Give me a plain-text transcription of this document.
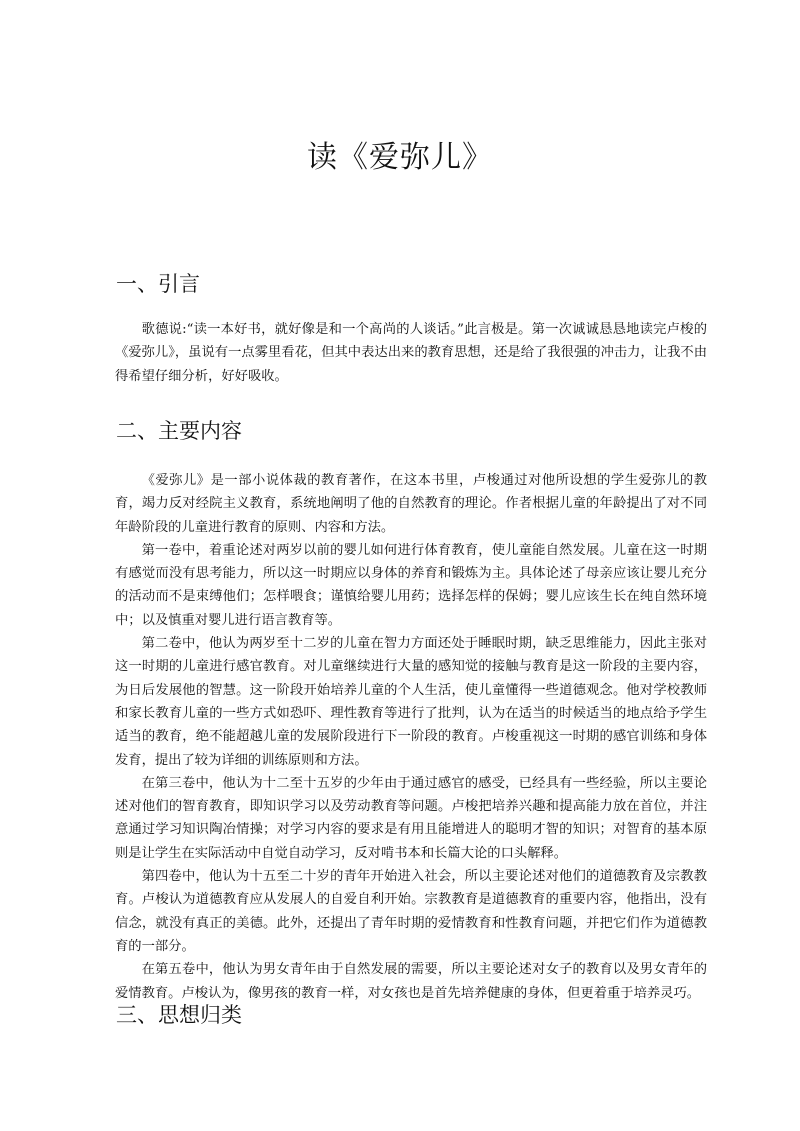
读《爱弥儿》
一、引言

歌德说:“读一本好书，就好像是和一个高尚的人谈话。”此言极是。第一次诚诚恳恳地读完卢梭的《爱弥儿》，虽说有一点雾里看花，但其中表达出来的教育思想，还是给了我很强的冲击力，让我不由得希望仔细分析，好好吸收。

二、主要内容

《爱弥儿》是一部小说体裁的教育著作，在这本书里，卢梭通过对他所设想的学生爱弥儿的教育，竭力反对经院主义教育，系统地阐明了他的自然教育的理论。作者根据儿童的年龄提出了对不同年龄阶段的儿童进行教育的原则、内容和方法。

第一卷中，着重论述对两岁以前的婴儿如何进行体育教育，使儿童能自然发展。儿童在这一时期有感觉而没有思考能力，所以这一时期应以身体的养育和锻炼为主。具体论述了母亲应该让婴儿充分的活动而不是束缚他们；怎样喂食；谨慎给婴儿用药；选择怎样的保姆；婴儿应该生长在纯自然环境中；以及慎重对婴儿进行语言教育等。

第二卷中，他认为两岁至十二岁的儿童在智力方面还处于睡眠时期，缺乏思维能力，因此主张对这一时期的儿童进行感官教育。对儿童继续进行大量的感知觉的接触与教育是这一阶段的主要内容，为日后发展他的智慧。这一阶段开始培养儿童的个人生活，使儿童懂得一些道德观念。他对学校教师和家长教育儿童的一些方式如恐吓、理性教育等进行了批判，认为在适当的时候适当的地点给予学生适当的教育，绝不能超越儿童的发展阶段进行下一阶段的教育。卢梭重视这一时期的感官训练和身体发育，提出了较为详细的训练原则和方法。

在第三卷中，他认为十二至十五岁的少年由于通过感官的感受，已经具有一些经验，所以主要论述对他们的智育教育，即知识学习以及劳动教育等问题。卢梭把培养兴趣和提高能力放在首位，并注意通过学习知识陶冶情操；对学习内容的要求是有用且能增进人的聪明才智的知识；对智育的基本原则是让学生在实际活动中自觉自动学习，反对啃书本和长篇大论的口头解释。

第四卷中，他认为十五至二十岁的青年开始进入社会，所以主要论述对他们的道德教育及宗教教育。卢梭认为道德教育应从发展人的自爱自利开始。宗教教育是道德教育的重要内容，他指出，没有信念，就没有真正的美德。此外，还提出了青年时期的爱情教育和性教育问题，并把它们作为道德教育的一部分。

在第五卷中，他认为男女青年由于自然发展的需要，所以主要论述对女子的教育以及男女青年的爱情教育。卢梭认为，像男孩的教育一样，对女孩也是首先培养健康的身体，但更着重于培养灵巧。

三、思想归类
